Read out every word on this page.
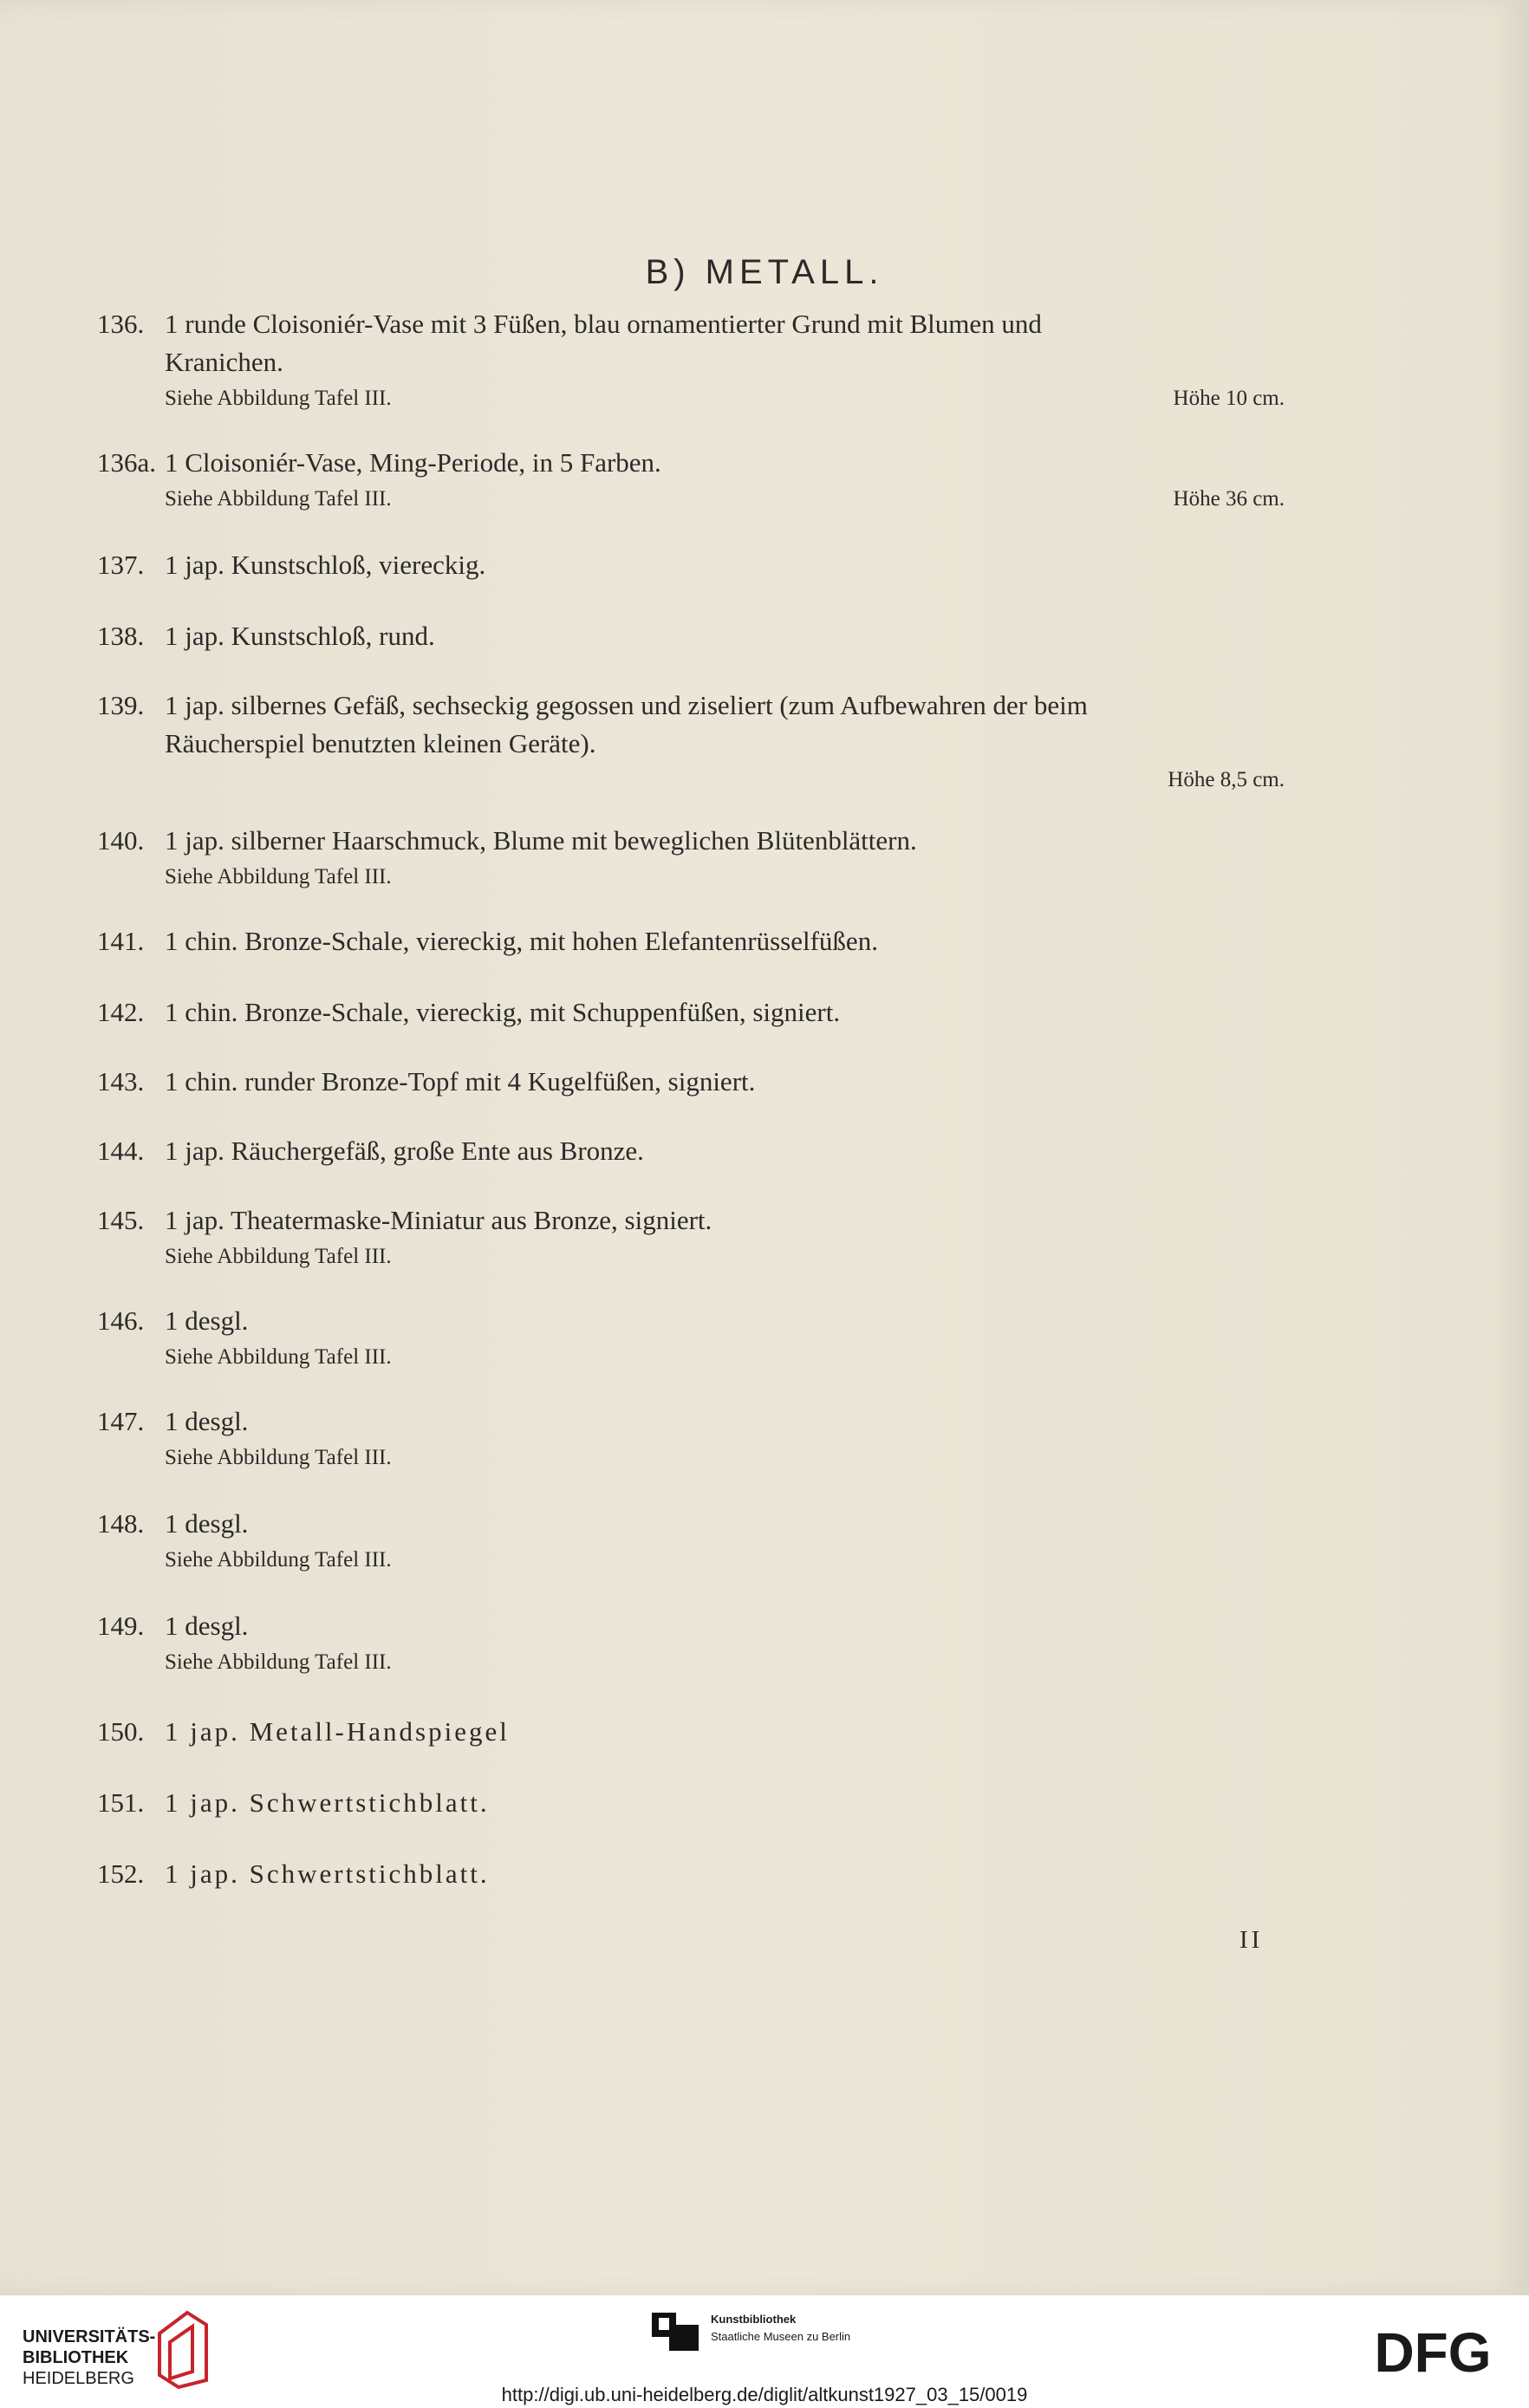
B) METALL.
136. 1 runde Cloisoniér-Vase mit 3 Füßen, blau ornamentierter Grund mit Blumen und
Kranichen.
Siehe Abbildung Tafel III.	Höhe 10 cm.
136a. 1 Cloisoniér-Vase, Ming-Periode, in 5 Farben.
Siehe Abbildung Tafel III.	Höhe 36 cm.
137. 1 jap. Kunstschloß, viereckig.
138. 1 jap. Kunstschloß, rund.
139. 1 jap. silbernes Gefäß, sechseckig gegossen und ziseliert (zum Aufbewahren der beim
Räucherspiel benutzten kleinen Geräte).
Höhe 8,5 cm.
140. 1 jap. silberner Haarschmuck, Blume mit beweglichen Blütenblättern.
Siehe Abbildung Tafel III.
141. 1 chin. Bronze-Schale, viereckig, mit hohen Elefantenrüsselfüßen.
142. 1 chin. Bronze-Schale, viereckig, mit Schuppenfüßen, signiert.
143. 1 chin. runder Bronze-Topf mit 4 Kugelfüßen, signiert.
144. 1 jap. Räuchergefäß, große Ente aus Bronze.
145. 1 jap. Theatermaske-Miniatur aus Bronze, signiert.
Siehe Abbildung Tafel III.
146. 1 desgl.
Siehe Abbildung Tafel III.
147. 1 desgl.
Siehe Abbildung Tafel III.
148. 1 desgl.
Siehe Abbildung Tafel III.
149. 1 desgl.
Siehe Abbildung Tafel III.
150. 1 jap. Metall-Handspiegel
151. 1 jap. Schwertstichblatt.
152. 1 jap. Schwertstichblatt.
II
UNIVERSITÄTS-
BIBLIOTHEK
HEIDELBERG
Kunstbibliothek
Staatliche Museen zu Berlin	DFG
http://digi.ub.uni-heidelberg.de/diglit/altkunst1927_03_15/0019
